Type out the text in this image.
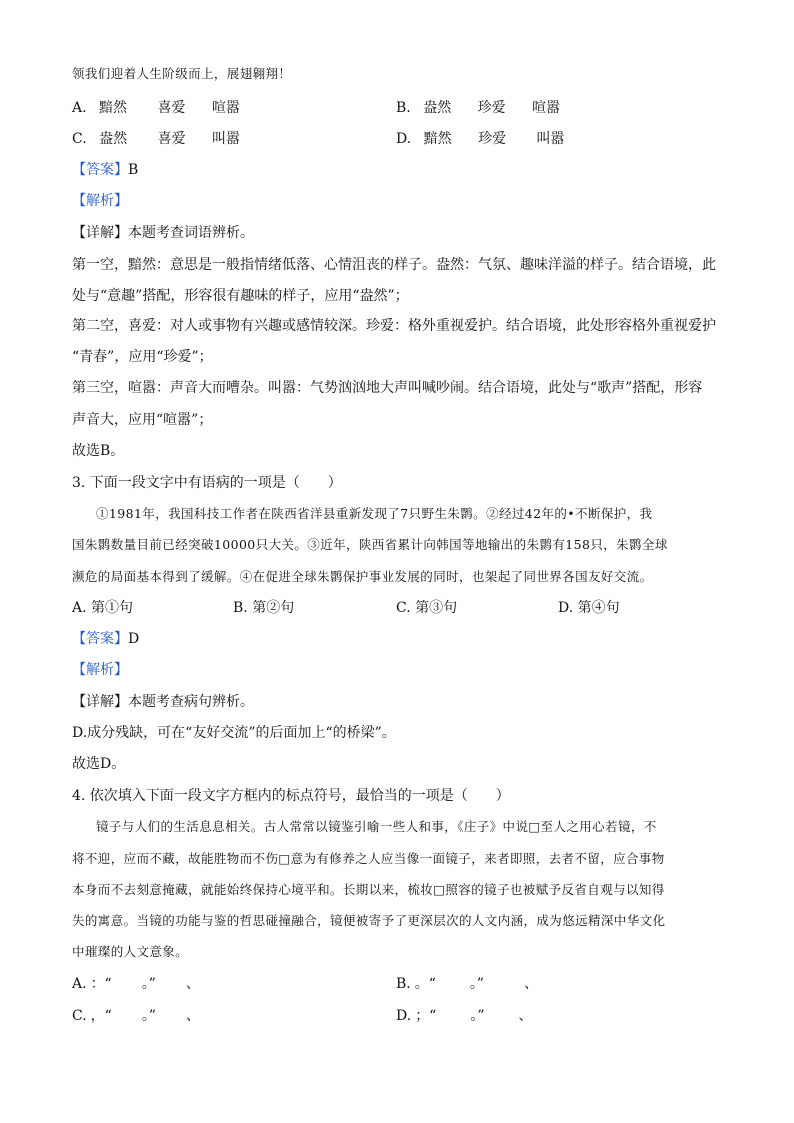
领我们迎着人生阶级而上，展翅翱翔！
A. 黯然 喜爱 喧嚣	B. 盎然 珍爱 喧嚣
C. 盎然 喜爱 叫嚣	D. 黯然 珍爱 叫嚣
【答案】B
【解析】
【详解】本题考查词语辨析。
第一空，黯然：意思是一般指情绪低落、心情沮丧的样子。盎然：气氛、趣味洋溢的样子。结合语境，此
处与“意趣”搭配，形容很有趣味的样子，应用“盎然”；
第二空，喜爱：对人或事物有兴趣或感情较深。珍爱：格外重视爱护。结合语境，此处形容格外重视爱护
“青春”，应用“珍爱”；
第三空，喧嚣：声音大而嘈杂。叫嚣：气势汹汹地大声叫喊吵闹。结合语境，此处与“歌声”搭配，形容
声音大，应用“喧嚣”；
故选B。
3. 下面一段文字中有语病的一项是（　　）
①1981年，我国科技工作者在陕西省洋县重新发现了7只野生朱鹮。②经过42年的•不断保护，我
国朱鹮数量目前已经突破10000只大关。③近年，陕西省累计向韩国等地输出的朱鹮有158只，朱鹮全球
濒危的局面基本得到了缓解。④在促进全球朱鹮保护事业发展的同时，也架起了同世界各国友好交流。
A. 第①句	B. 第②句	C. 第③句	D. 第④句
【答案】D
【解析】
【详解】本题考查病句辨析。
D.成分残缺，可在“友好交流”的后面加上“的桥梁”。
故选D。
4. 依次填入下面一段文字方框内的标点符号，最恰当的一项是（　　）
镜子与人们的生活息息相关。古人常常以镜鉴引喻一些人和事，《庄子》中说□至人之用心若镜，不
将不迎，应而不藏，故能胜物而不伤□意为有修养之人应当像一面镜子，来者即照，去者不留，应合事物
本身而不去刻意掩藏，就能始终保持心境平和。长期以来，梳妆□照容的镜子也被赋予反省自观与以知得
失的寓意。当镜的功能与鉴的哲思碰撞融合，镜便被寄予了更深层次的人文内涵，成为悠远精深中华文化
中璀璨的人文意象。
A. ：“ 。” 、	B. 。“ 。”	、
C. ，“ 。” 、	D. ；“ 。” 、
